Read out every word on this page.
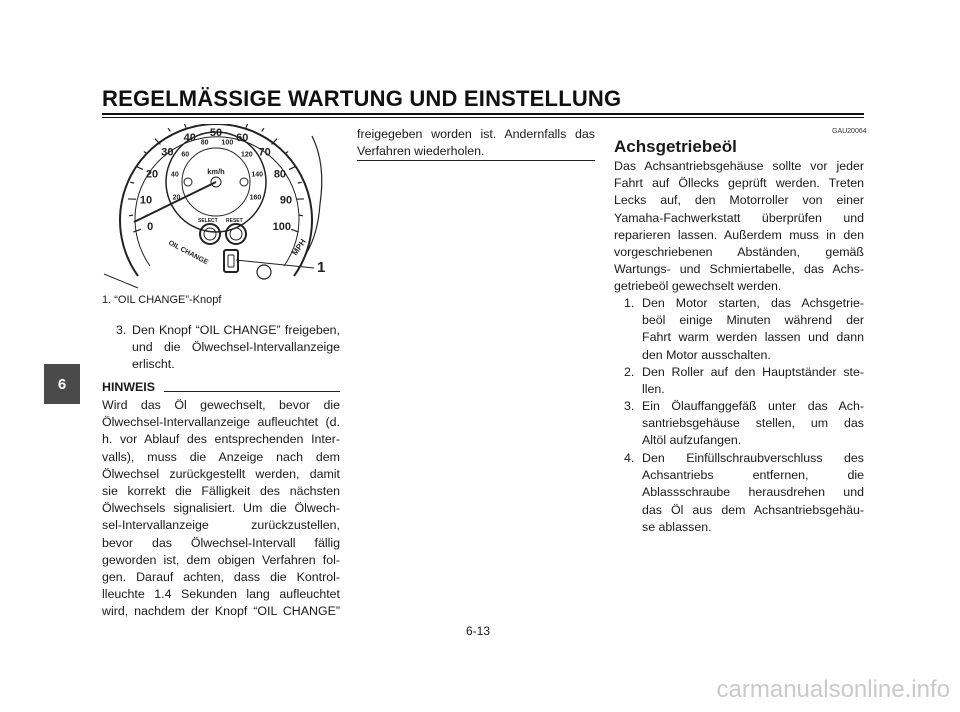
REGELMÄSSIGE WARTUNG UND EINSTELLUNG
6
km/h
SELECT RESET
OIL CHANGE	MPH
1
0
10
20
30
40 50 60
70
80
90
100
20
40
60
80 100
120
140
160
1. “OIL CHANGE”-Knopf
3. Den Knopf “OIL CHANGE” freigeben,

und die Ölwechsel-Intervallanzeige

erlischt.

HINWEIS

Wird das Öl gewechselt, bevor die

Ölwechsel-Intervallanzeige aufleuchtet (d.

h. vor Ablauf des entsprechenden Inter-

valls), muss die Anzeige nach dem

Ölwechsel zurückgestellt werden, damit

sie korrekt die Fälligkeit des nächsten

Ölwechsels signalisiert. Um die Ölwech-

sel-Intervallanzeige zurückzustellen,

bevor das Ölwechsel-Intervall fällig

geworden ist, dem obigen Verfahren fol-

gen. Darauf achten, dass die Kontrol-

lleuchte 1.4 Sekunden lang aufleuchtet

wird, nachdem der Knopf “OIL CHANGE”

freigegeben worden ist. Andernfalls das

Verfahren wiederholen.

GAU20064
Achsgetriebeöl

Das Achsantriebsgehäuse sollte vor jeder

Fahrt auf Öllecks geprüft werden. Treten

Lecks auf, den Motorroller von einer

Yamaha-Fachwerkstatt überprüfen und

reparieren lassen. Außerdem muss in den

vorgeschriebenen Abständen, gemäß

Wartungs- und Schmiertabelle, das Achs-

getriebeöl gewechselt werden.

1. Den Motor starten, das Achsgetrie-

beöl einige Minuten während der

Fahrt warm werden lassen und dann

den Motor ausschalten.

2. Den Roller auf den Hauptständer ste-

llen.

3. Ein Ölauffanggefäß unter das Ach-

santriebsgehäuse stellen, um das

Altöl aufzufangen.

4. Den Einfüllschraubverschluss des

Achsantriebs entfernen, die

Ablassschraube herausdrehen und

das Öl aus dem Achsantriebsgehäu-

se ablassen.

6-13
carmanualsonline.info
